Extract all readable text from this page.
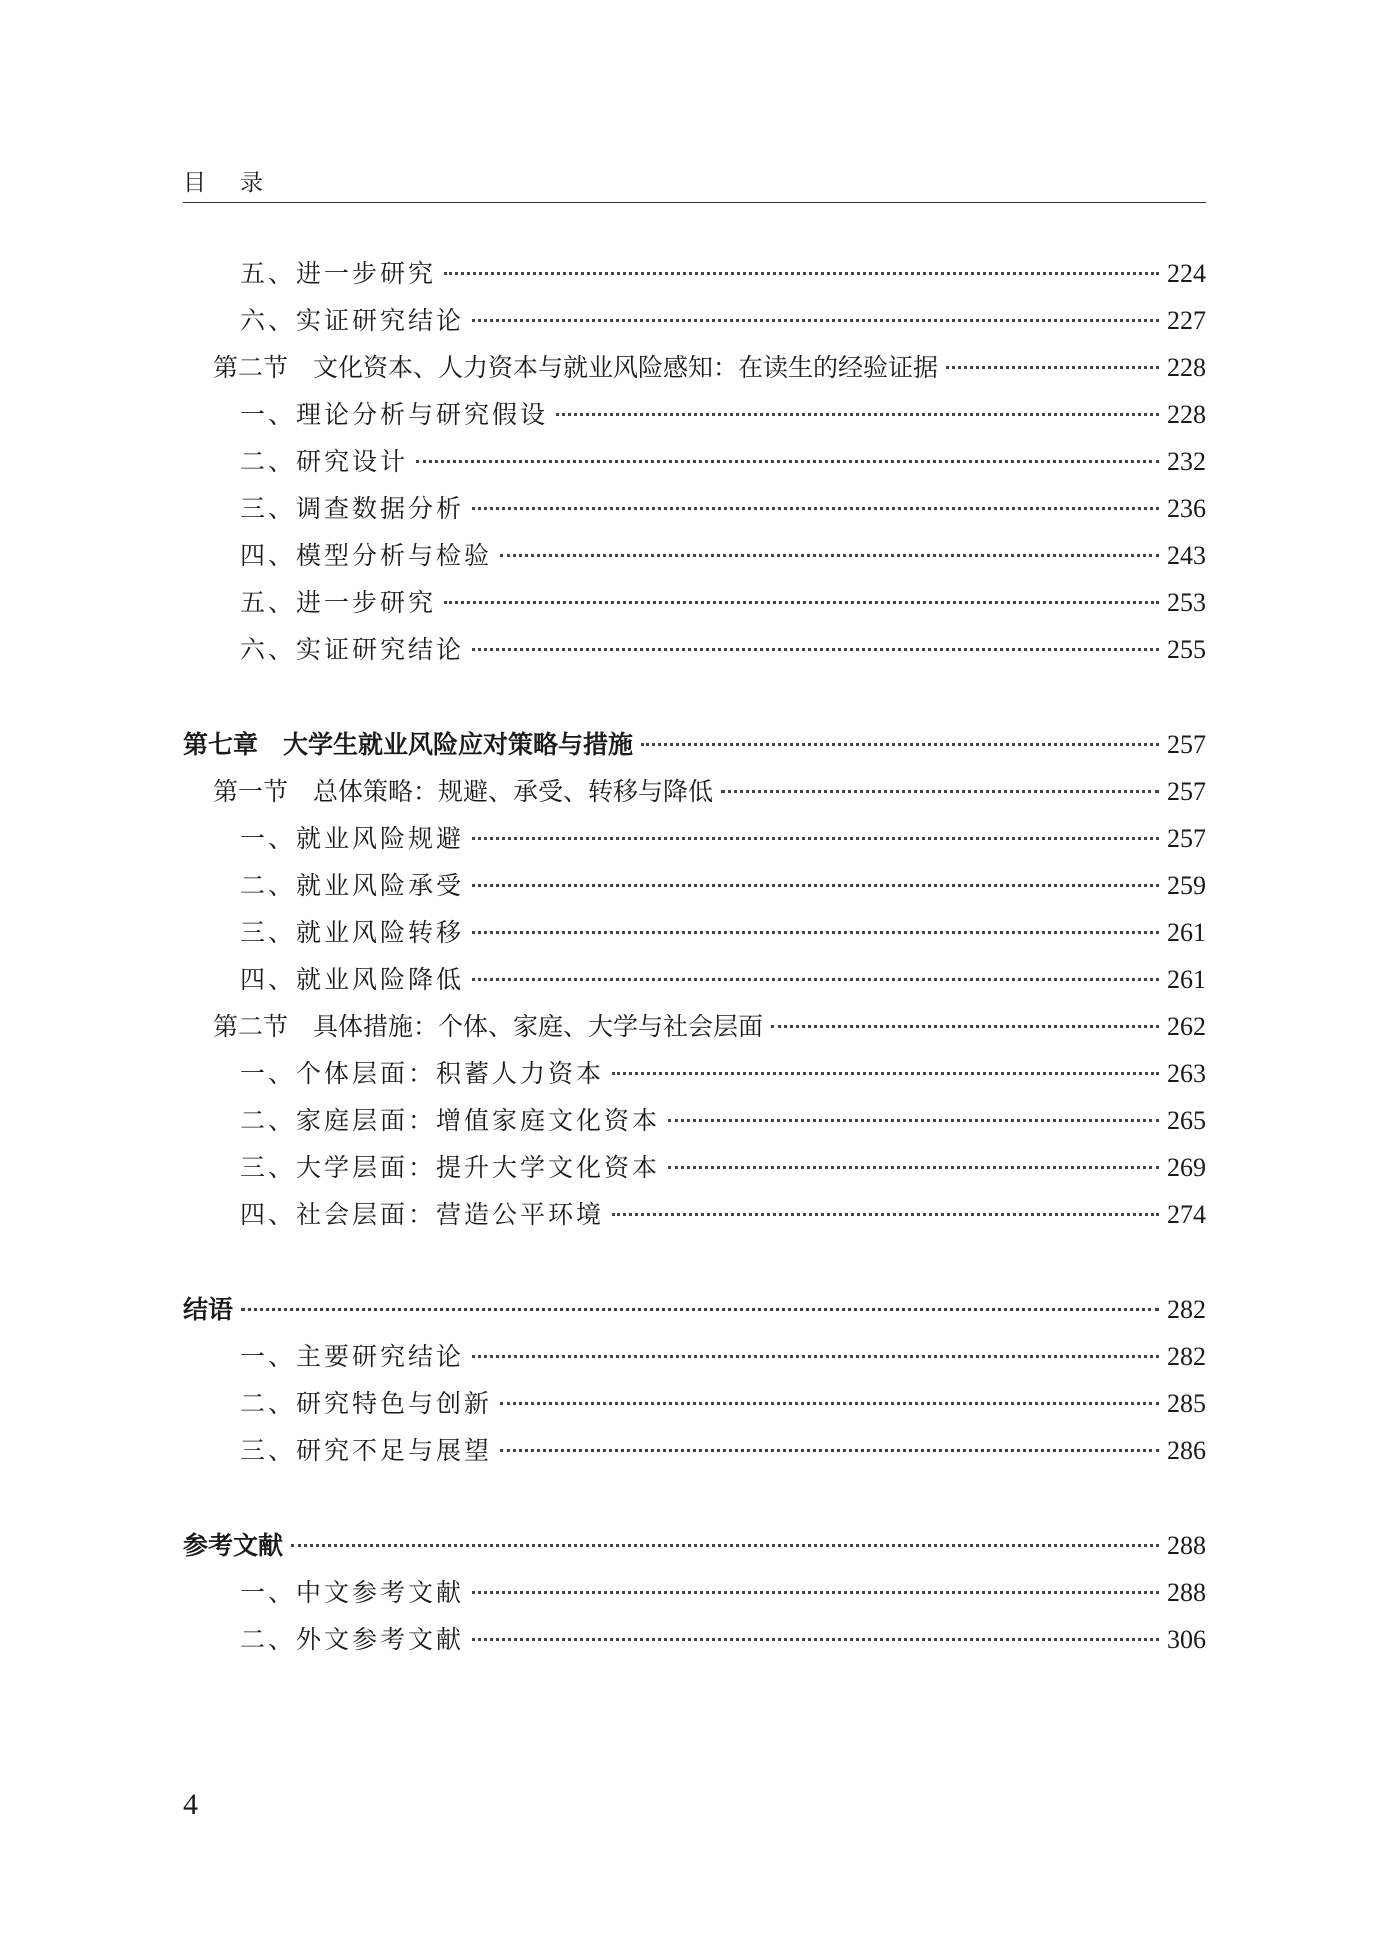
目录
五、进一步研究	224
六、实证研究结论	227
第二节　文化资本、人力资本与就业风险感知：在读生的经验证据	228
一、理论分析与研究假设	228
二、研究设计	232
三、调查数据分析	236
四、模型分析与检验	243
五、进一步研究	253
六、实证研究结论	255
第七章　大学生就业风险应对策略与措施	257
第一节　总体策略：规避、承受、转移与降低	257
一、就业风险规避	257
二、就业风险承受	259
三、就业风险转移	261
四、就业风险降低	261
第二节　具体措施：个体、家庭、大学与社会层面	262
一、个体层面：积蓄人力资本	263
二、家庭层面：增值家庭文化资本	265
三、大学层面：提升大学文化资本	269
四、社会层面：营造公平环境	274
结语	282
一、主要研究结论	282
二、研究特色与创新	285
三、研究不足与展望	286
参考文献	288
一、中文参考文献	288
二、外文参考文献	306
4
